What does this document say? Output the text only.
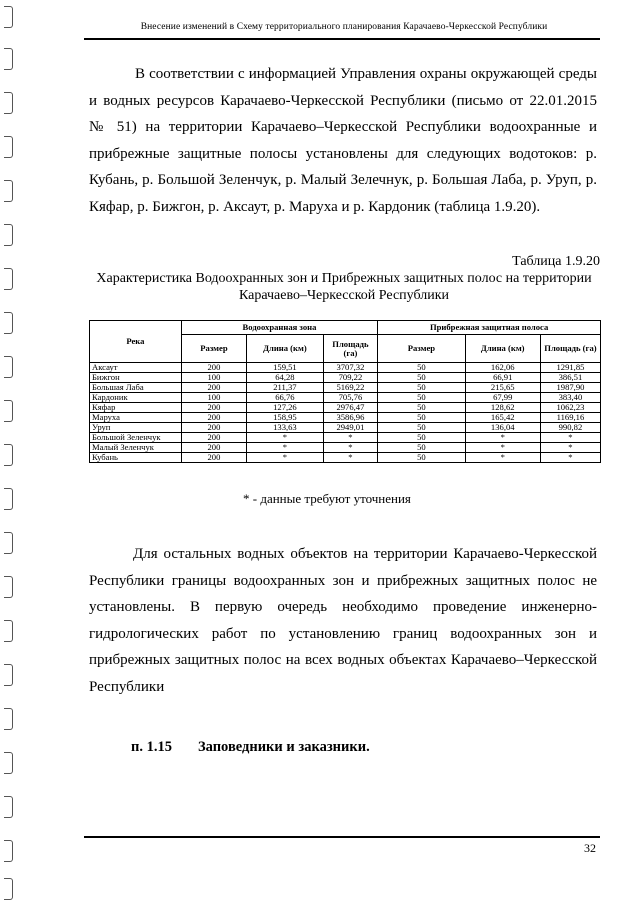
Внесение изменений в Схему территориального планирования Карачаево-Черкесской Республики
В соответствии с информацией Управления охраны окружающей среды и водных ресурсов Карачаево-Черкесской Республики (письмо от 22.01.2015 № 51) на территории Карачаево–Черкесской Республики водоохранные и прибрежные защитные полосы установлены для следующих водотоков: р. Кубань, р. Большой Зеленчук, р. Малый Зелечнук, р. Большая Лаба, р. Уруп, р. Кяфар, р. Бижгон, р. Аксаут, р. Маруха и р. Кардоник (таблица 1.9.20).
Таблица 1.9.20
Характеристика Водоохранных зон и Прибрежных защитных полос на территории Карачаево–Черкесской Республики
Река	Водоохранная зона			Прибрежная защитная полоса		
	Размер	Длина (км)	Площадь (га)	Размер	Длина (км)	Площадь (га)
Аксаут	200	159,51	3707,32	50	162,06	1291,85
Бижгон	100	64,28	709,22	50	66,91	386,51
Большая Лаба	200	211,37	5169,22	50	215,65	1987,90
Кардоник	100	66,76	705,76	50	67,99	383,40
Кяфар	200	127,26	2976,47	50	128,62	1062,23
Маруха	200	158,95	3586,96	50	165,42	1169,16
Уруп	200	133,63	2949,01	50	136,04	990,82
Большой Зеленчук	200	*	*	50	*	*
Малый Зеленчук	200	*	*	50	*	*
Кубань	200	*	*	50	*	*
* - данные требуют уточнения
Для остальных водных объектов на территории Карачаево-Черкесской Республики границы водоохранных зон и прибрежных защитных полос не установлены. В первую очередь необходимо проведение инженерно-гидрологических работ по установлению границ водоохранных зон и прибрежных защитных полос на всех водных объектах Карачаево–Черкесской Республики
п. 1.15 Заповедники и заказники.
32
